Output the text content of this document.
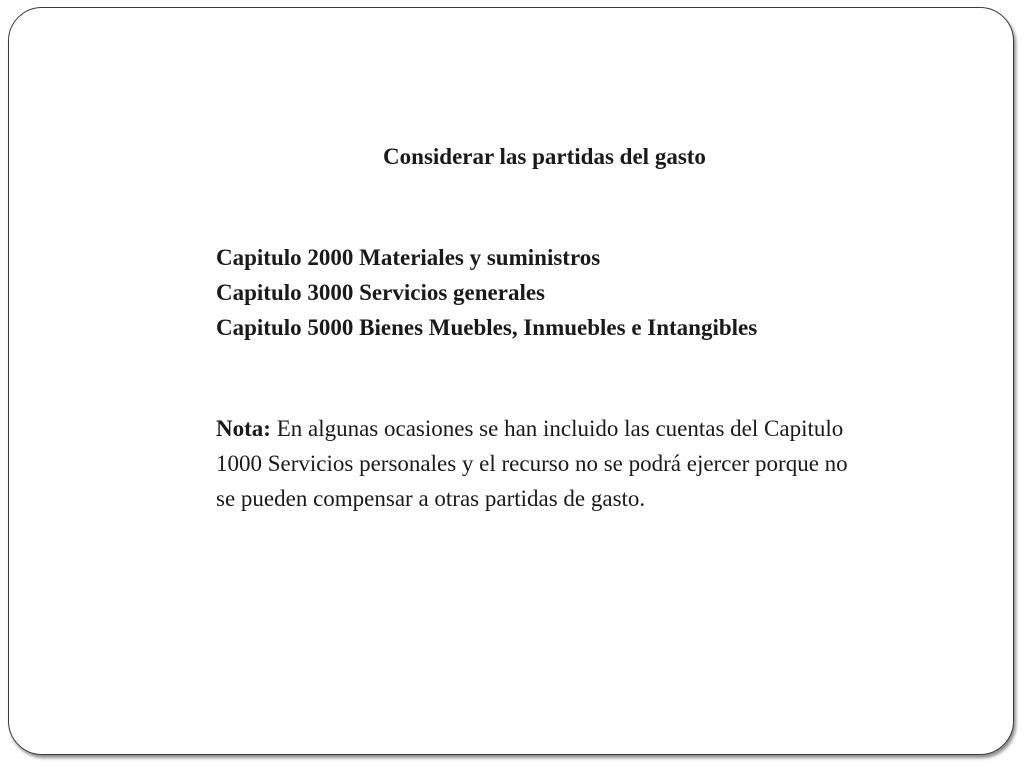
Considerar las partidas del gasto
Capitulo 2000 Materiales y suministros
Capitulo 3000 Servicios generales
Capitulo 5000 Bienes Muebles, Inmuebles e Intangibles

Nota: En algunas ocasiones se han incluido las cuentas del Capitulo 1000 Servicios personales y el recurso no se podrá ejercer porque no se pueden compensar a otras partidas de gasto.
